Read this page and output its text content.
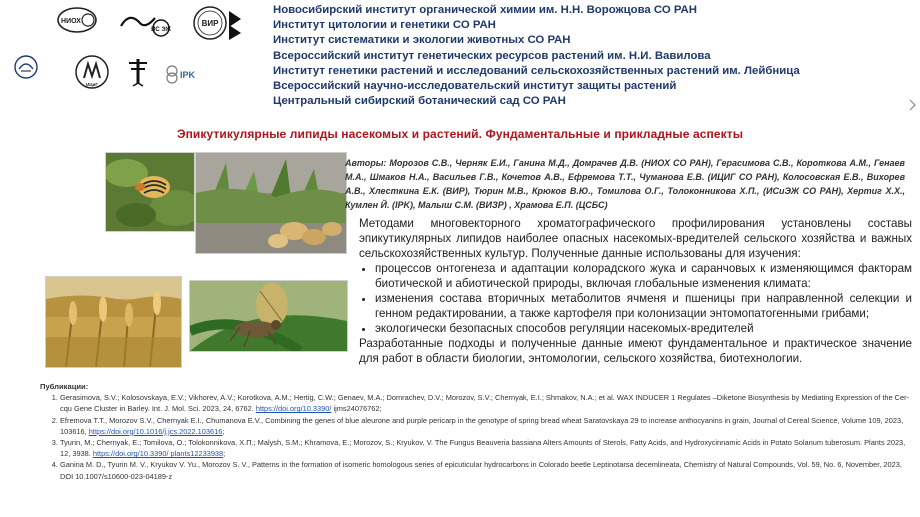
НИОХ
ИС ЭЖ
ВИР
ИЦиГ
IPK
Новосибирский институт органической химии им. Н.Н. Ворожцова СО РАН
Институт цитологии и генетики СО РАН
Институт систематики и экологии животных СО РАН
Всероссийский институт генетических ресурсов растений им. Н.И. Вавилова
Институт генетики растений и исследований сельскохозяйственных растений им. Лейбница
Всероссийский научно-исследовательский институт защиты растений
Центральный сибирский ботанический сад СО РАН
Эпикутикулярные липиды насекомых и растений. Фундаментальные и прикладные аспекты
Авторы: Морозов С.В., Черняк Е.И., Ганина М.Д., Домрачев Д.В. (НИОХ СО РАН), Герасимова С.В., Короткова А.М., Генаев М.А., Шмаков Н.А., Васильев Г.В., Кочетов А.В., Ефремова Т.Т., Чуманова Е.В. (ИЦИГ СО РАН), Колосовская Е.В., Вихорев А.В., Хлесткина Е.К. (ВИР), Тюрин М.В., Крюков В.Ю., Томилова О.Г., Толоконникова Х.П., (ИСиЭЖ СО РАН), Хертиг Х.Х., Кумлен Й. (IPK), Малыш С.М. (ВИЗР) , Храмова Е.П. (ЦСБС)
Методами многовекторного хроматографического профилирования установлены составы эпикутикулярных липидов наиболее опасных насекомых-вредителей сельского хозяйства и важных сельскохозяйственных культур. Полученные данные использованы для изучения:
• процессов онтогенеза и адаптации колорадского жука и саранчовых к изменяющимся факторам биотической и абиотической природы, включая глобальные изменения климата:
• изменения состава вторичных метаболитов ячменя и пшеницы при направленной селекции и генном редактировании, а также картофеля при колонизации энтомопатогенными грибами;
• экологически безопасных способов регуляции насекомых-вредителей
Разработанные подходы и полученные данные имеют фундаментальное и практическое значение для работ в области биологии, энтомологии, сельского хозяйства, биотехнологии.
Публикации:
1. Gerasimova, S.V.; Kolosovskaya, E.V.; Vikhorev, A.V.; Korotkova, A.M.; Hertig, C.W.; Genaev, M.A.; Domrachev, D.V.; Morozov, S.V.; Chernyak, E.I.; Shmakov, N.A.; et al. WAX INDUCER 1 Regulates –Diketone Biosynthesis by Mediating Expression of the Cer-cqu Gene Cluster in Barley. Int. J. Mol. Sci. 2023, 24, 6762. https://doi.org/10.3390/ ijms24076762;
2. Efremova T.T., Morozov S.V., Chernyak E.I., Chumanova E.V., Combining the genes of blue aleurone and purple pericarp in the genotype of spring bread wheat Saratovskaya 29 to increase anthocyanins in grain, Journal of Cereal Science, Volume 109, 2023, 103616, https://doi.org/10.1016/j.jcs.2022.103616;
3. Tyurin, M.; Chernyak, E.; Tomilova, O.; Tolokonnikova, X.П.; Malysh, S.M.; Khramova, E.; Morozov, S.; Kryukov, V. The Fungus Beauveria bassiana Alters Amounts of Sterols, Fatty Acids, and Hydroxycinnamic Acids in Potato Solanum tuberosum. Plants 2023, 12, 3938. https://doi.org/10.3390/ plants12233938;
4. Ganina M. D., Tyurin M. V., Kryukov V. Yu., Morozov S. V., Patterns in the formation of isomeric homologous series of epicuticular hydrocarbons in Colorado beetle Leptinotarsa decemlineata, Chemistry of Natural Compounds, Vol. 59, No. 6, November, 2023, DOI 10.1007/s10600-023-04189-z
